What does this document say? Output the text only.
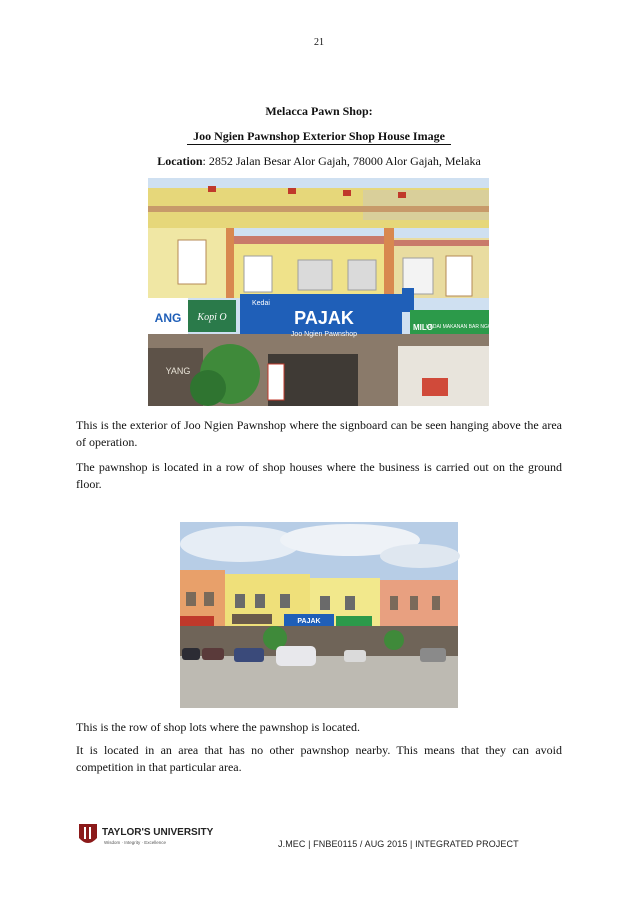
21
Melacca Pawn Shop:
Joo Ngien Pawnshop Exterior Shop House Image
Location: 2852 Jalan Besar Alor Gajah, 78000 Alor Gajah, Melaka
ANG Kopi O
Kedai
PAJAK
Joo Ngien Pawnshop
MILO
KEDAI MAKANAN BAR NGOH JUAN
YANG
This is the exterior of Joo Ngien Pawnshop where the signboard can be seen hanging above the area of operation.
The pawnshop is located in a row of shop houses where the business is carried out on the ground floor.
PAJAK
This is the row of shop lots where the pawnshop is located.
It is located in an area that has no other pawnshop nearby. This means that they can avoid competition in that particular area.
TAYLOR'S UNIVERSITY
Wisdom · Integrity · Excellence	J.MEC | FNBE0115 / AUG 2015 | INTEGRATED PROJECT
